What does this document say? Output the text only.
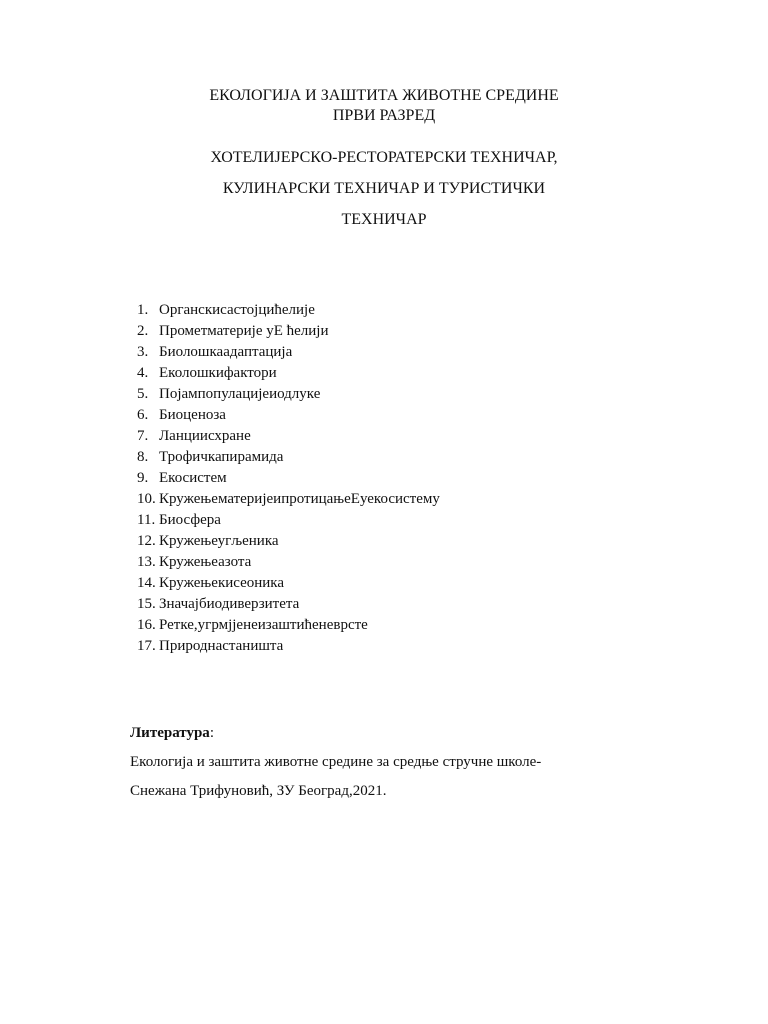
ЕКОЛОГИЈА И ЗАШТИТА ЖИВОТНЕ СРЕДИНЕ
ПРВИ РАЗРЕД
ХОТЕЛИЈЕРСКО-РЕСТОРАТЕРСКИ ТЕХНИЧАР,
КУЛИНАРСКИ ТЕХНИЧАР И ТУРИСТИЧКИ
ТЕХНИЧАР
1. Органскисастојцићелије
2. Прометматерије уЕ ћелији
3. Биолошкаадаптација
4. Еколошкифактори
5. Појампопулацијеиодлуке
6. Биоценоза
7. Ланциисхране
8. Трофичкапирамида
9. Екосистем
10. КружењематеријеипротицањеЕуекосистему
11. Биосфера
12. Кружењеугљеника
13. Кружењеазота
14. Кружењекисеоника
15. Значајбиодиверзитета
16. Ретке,угрмјјенеизаштићеневрсте
17. Природнастаништа
Литература:
Екологија и заштита животне средине за средње стручне школе-
Снежана Трифуновић, ЗУ Београд,2021.
